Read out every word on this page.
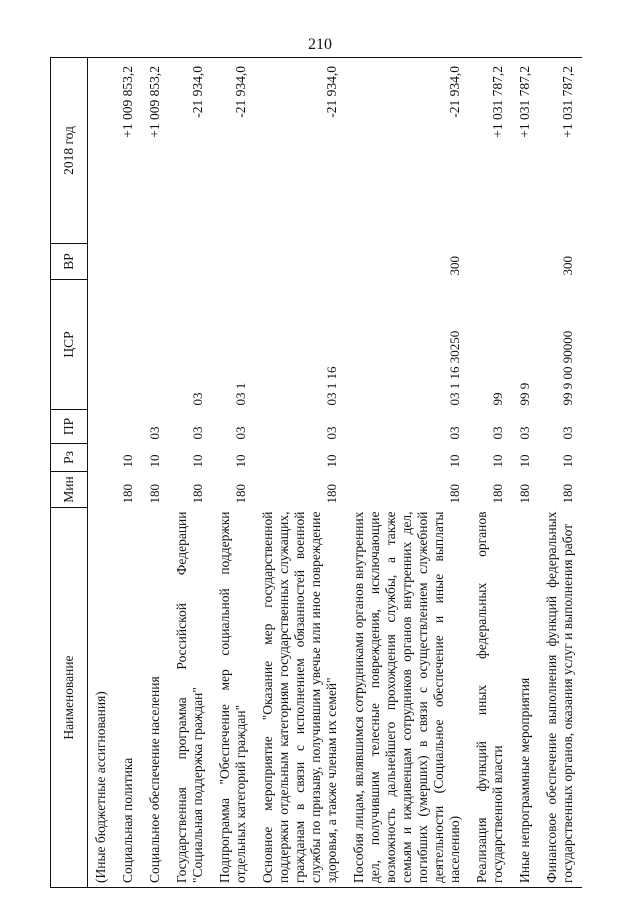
210
Наименование	Мин	Рз	ПР	ЦСР	ВР	2018 год
(Иные бюджетные ассигнования)						
Социальная политика	180	10				+1 009 853,2
Социальное обеспечение населения	180	10	03			+1 009 853,2
Государственная программа Российской Федерации "Социальная поддержка граждан"	180	10	03	03		-21 934,0
Подпрограмма "Обеспечение мер социальной поддержки отдельных категорий граждан"	180	10	03	03 1		-21 934,0
Основное мероприятие "Оказание мер государственной поддержки отдельным категориям государственных служащих, гражданам в связи с исполнением обязанностей военной службы по призыву, получившим увечье или иное повреждение здоровья, а также членам их семей"	180	10	03	03 1 16		-21 934,0
Пособия лицам, являвшимся сотрудниками органов внутренних дел, получившим телесные повреждения, исключающие возможность дальнейшего прохождения службы, а также семьям и иждивенцам сотрудников органов внутренних дел, погибших (умерших) в связи с осуществлением служебной деятельности (Социальное обеспечение и иные выплаты населению)	180	10	03	03 1 16 30250	300	-21 934,0
Реализация функций иных федеральных органов государственной власти	180	10	03	99		+1 031 787,2
Иные непрограммные мероприятия	180	10	03	99 9		+1 031 787,2
Финансовое обеспечение выполнения функций федеральных государственных органов, оказания услуг и выполнения работ	180	10	03	99 9 00 90000	300	+1 031 787,2
